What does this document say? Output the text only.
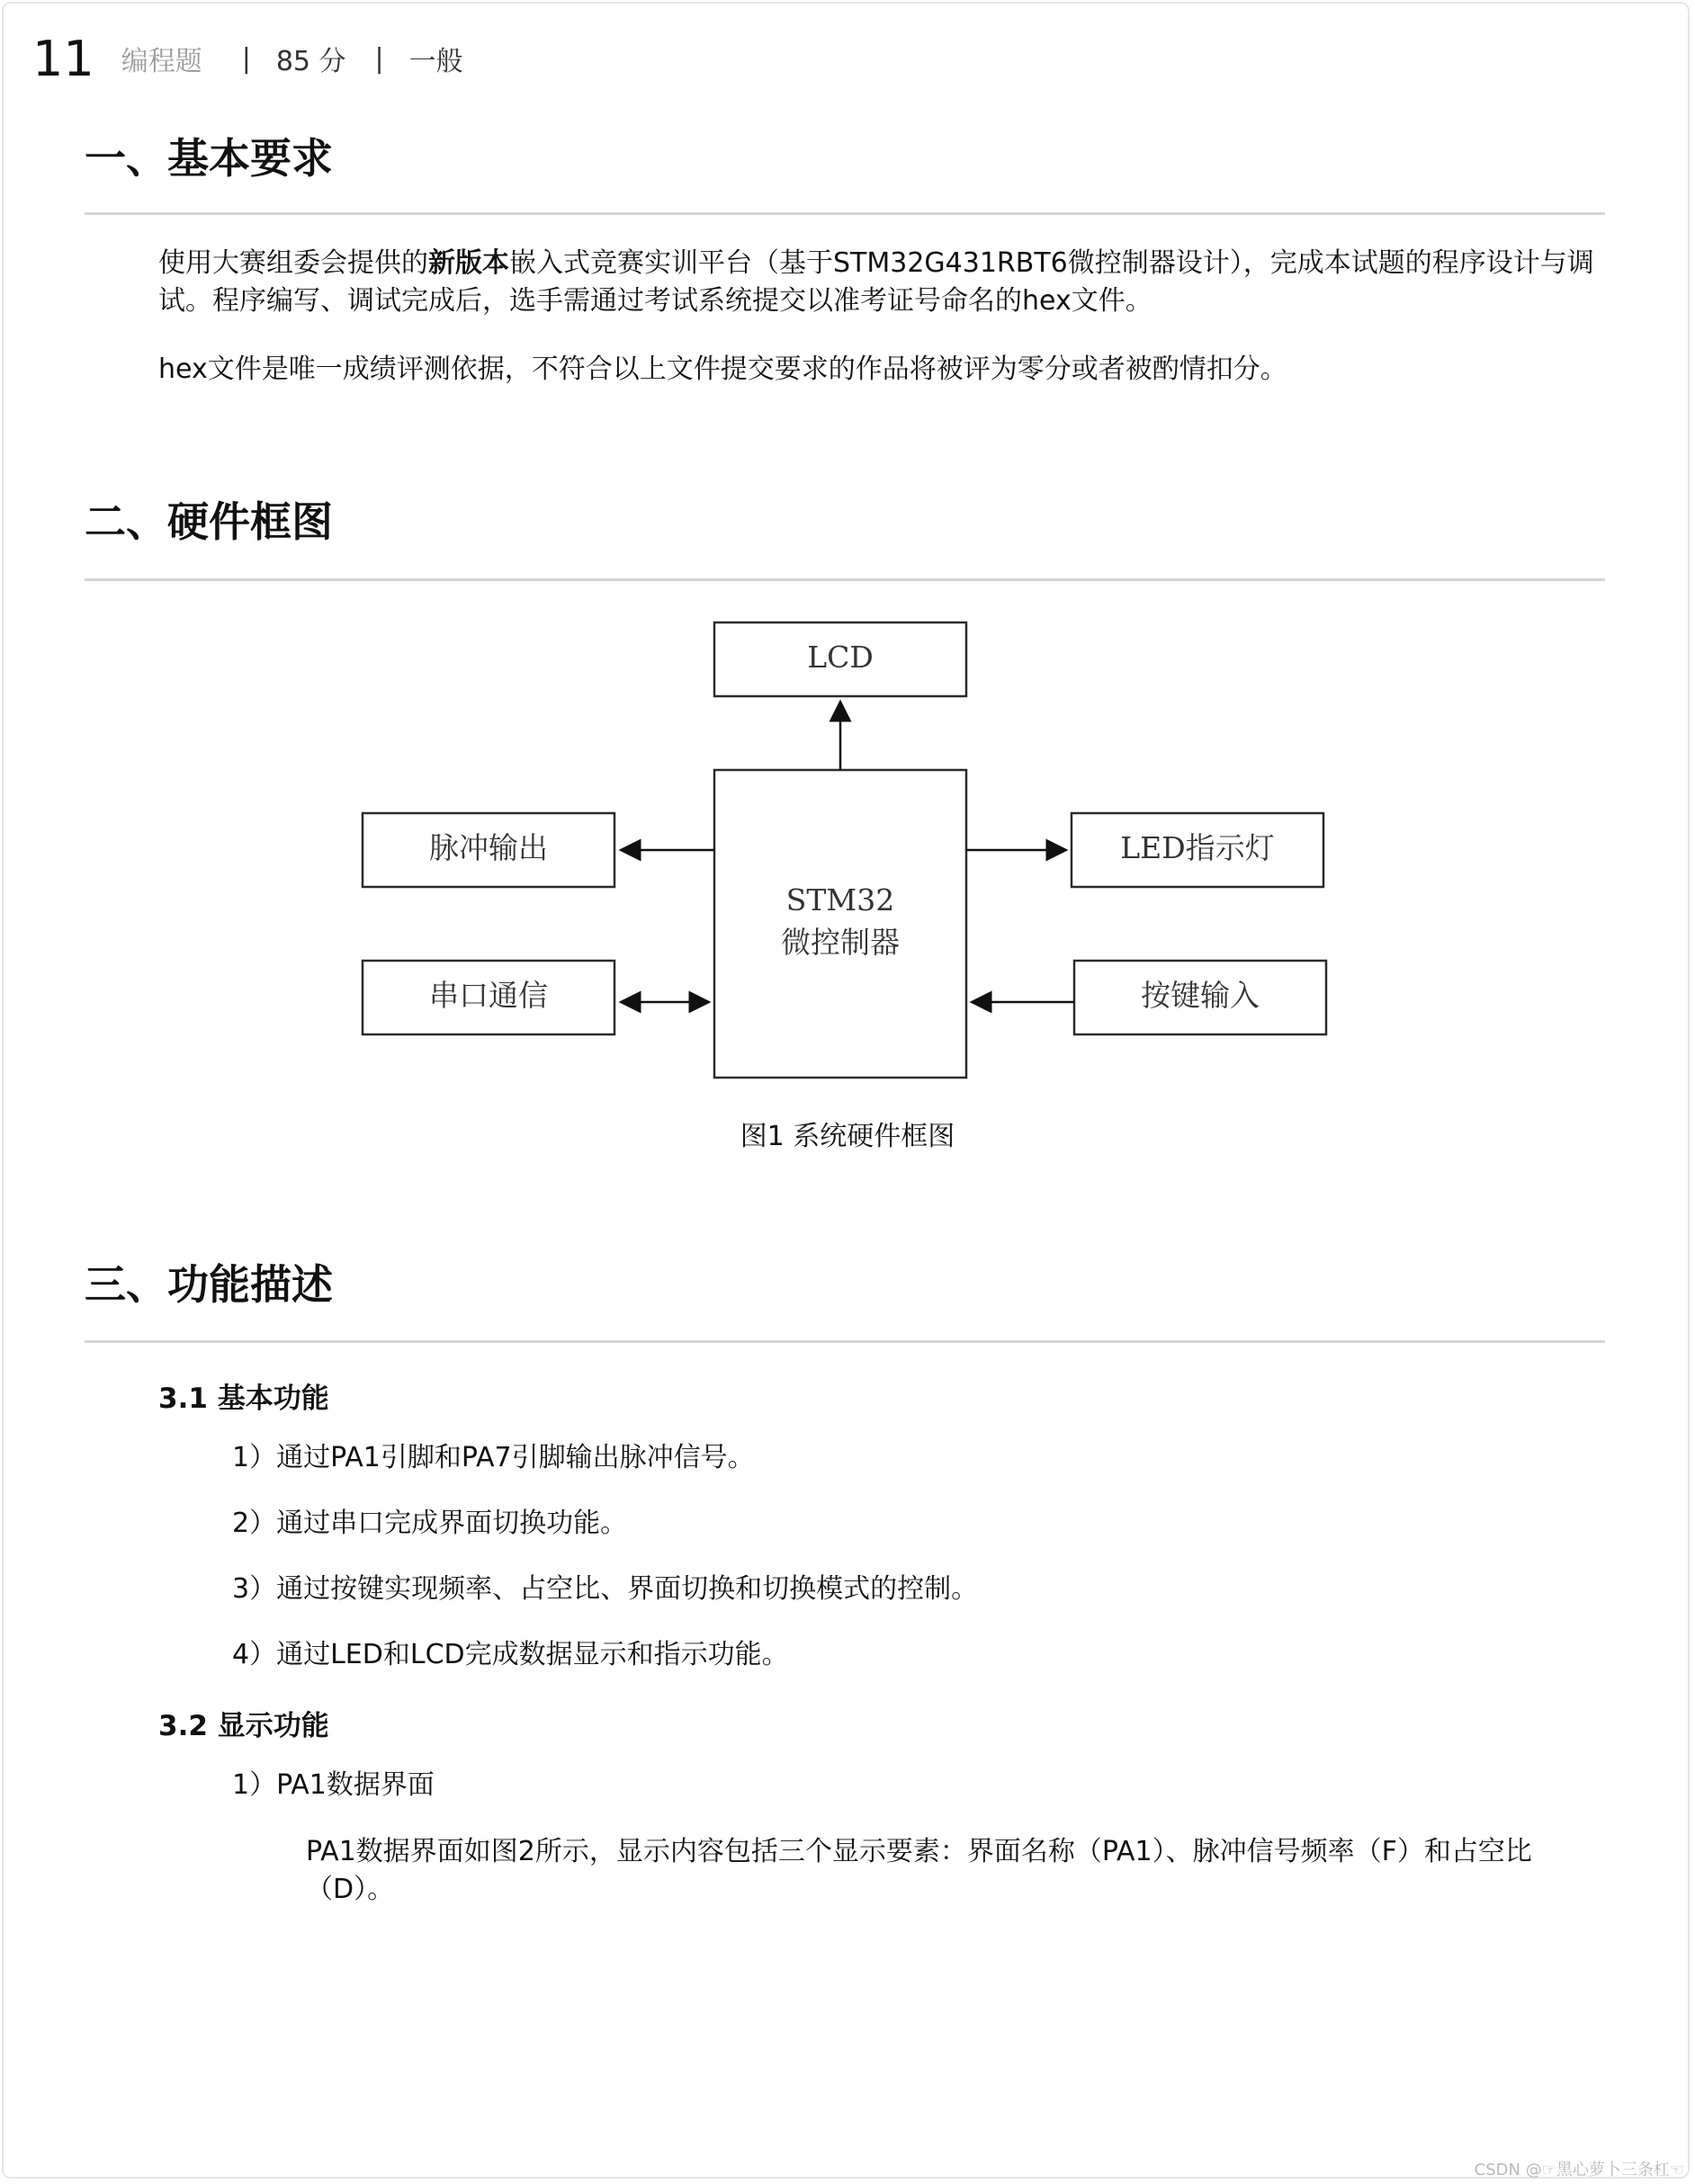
11 编程题 | 85 分 | 一般
一、基本要求
使用大赛组委会提供的新版本嵌入式竞赛实训平台（基于STM32G431RBT6微控制器设计），完成本试题的程序设计与调试。程序编写、调试完成后，选手需通过考试系统提交以准考证号命名的hex文件。
hex文件是唯一成绩评测依据，不符合以上文件提交要求的作品将被评为零分或者被酌情扣分。
二、硬件框图
LCD
STM32
微控制器
脉冲输出
串口通信
LED指示灯
按键输入
图1 系统硬件框图
三、功能描述
3.1 基本功能
1）通过PA1引脚和PA7引脚输出脉冲信号。
2）通过串口完成界面切换功能。
3）通过按键实现频率、占空比、界面切换和切换模式的控制。
4）通过LED和LCD完成数据显示和指示功能。
3.2 显示功能
1）PA1数据界面
PA1数据界面如图2所示，显示内容包括三个显示要素：界面名称（PA1）、脉冲信号频率（F）和占空比（D）。
CSDN @☞黑心萝卜三条杠☜
